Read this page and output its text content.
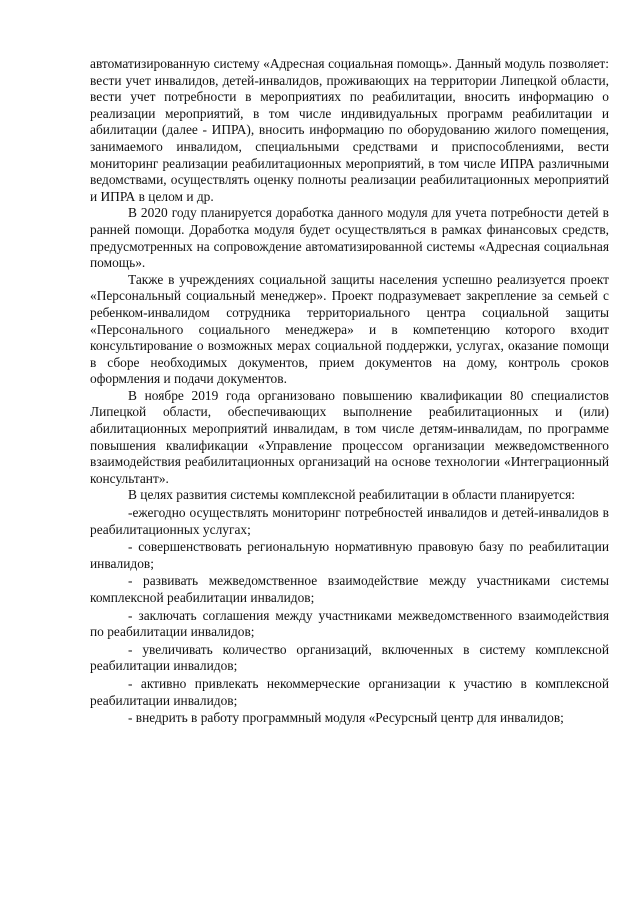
автоматизированную систему «Адресная социальная помощь». Данный модуль позволяет: вести учет инвалидов, детей-инвалидов, проживающих на территории Липецкой области, вести учет потребности в мероприятиях по реабилитации, вносить информацию о реализации мероприятий, в том числе индивидуальных программ реабилитации и абилитации (далее - ИПРА), вносить информацию по оборудованию жилого помещения, занимаемого инвалидом, специальными средствами и приспособлениями, вести мониторинг реализации реабилитационных мероприятий, в том числе ИПРА различными ведомствами, осуществлять оценку полноты реализации реабилитационных мероприятий и ИПРА в целом и др.

В 2020 году планируется доработка данного модуля для учета потребности детей в ранней помощи. Доработка модуля будет осуществляться в рамках финансовых средств, предусмотренных на сопровождение автоматизированной системы «Адресная социальная помощь».

Также в учреждениях социальной защиты населения успешно реализуется проект «Персональный социальный менеджер». Проект подразумевает закрепление за семьей с ребенком-инвалидом сотрудника территориального центра социальной защиты «Персонального социального менеджера» и в компетенцию которого входит консультирование о возможных мерах социальной поддержки, услугах, оказание помощи в сборе необходимых документов, прием документов на дому, контроль сроков оформления и подачи документов.

В ноябре 2019 года организовано повышению квалификации 80 специалистов Липецкой области, обеспечивающих выполнение реабилитационных и (или) абилитационных мероприятий инвалидам, в том числе детям-инвалидам, по программе повышения квалификации «Управление процессом организации межведомственного взаимодействия реабилитационных организаций на основе технологии «Интеграционный консультант».

В целях развития системы комплексной реабилитации в области планируется:

-ежегодно осуществлять мониторинг потребностей инвалидов и детей-инвалидов в реабилитационных услугах;

- совершенствовать региональную нормативную правовую базу по реабилитации инвалидов;

- развивать межведомственное взаимодействие между участниками системы комплексной реабилитации инвалидов;

- заключать соглашения между участниками межведомственного взаимодействия по реабилитации инвалидов;

- увеличивать количество организаций, включенных в систему комплексной реабилитации инвалидов;

- активно привлекать некоммерческие организации к участию в комплексной реабилитации инвалидов;

- внедрить в работу программный модуля «Ресурсный центр для инвалидов;
